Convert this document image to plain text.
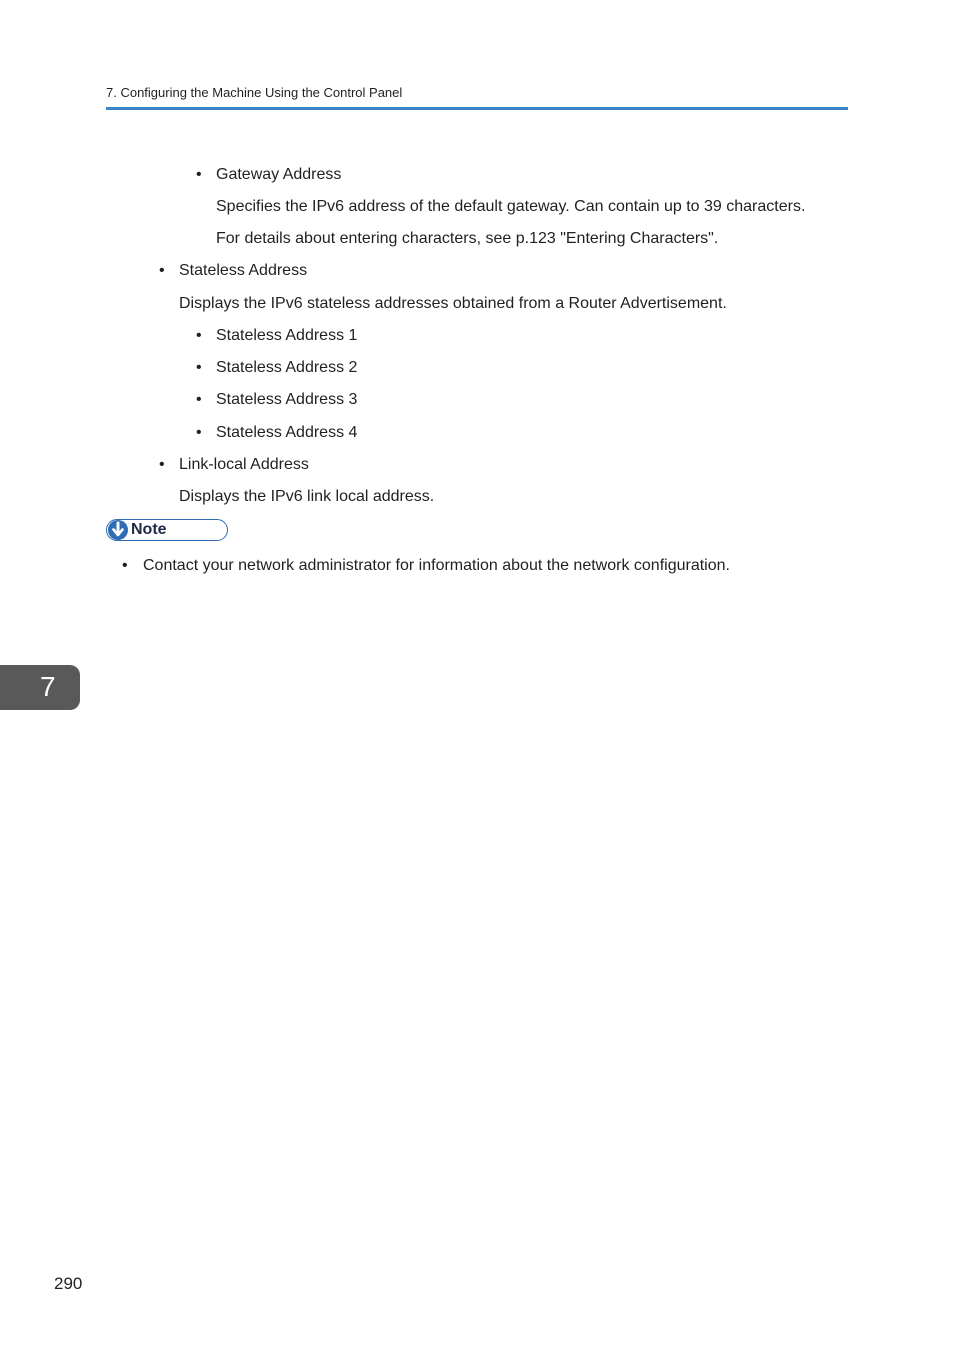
7. Configuring the Machine Using the Control Panel
• Gateway Address
Specifies the IPv6 address of the default gateway. Can contain up to 39 characters.
For details about entering characters, see p.123 "Entering Characters".
• Stateless Address
Displays the IPv6 stateless addresses obtained from a Router Advertisement.
• Stateless Address 1
• Stateless Address 2
• Stateless Address 3
• Stateless Address 4
• Link-local Address
Displays the IPv6 link local address.
Note
• Contact your network administrator for information about the network configuration.
7
290
